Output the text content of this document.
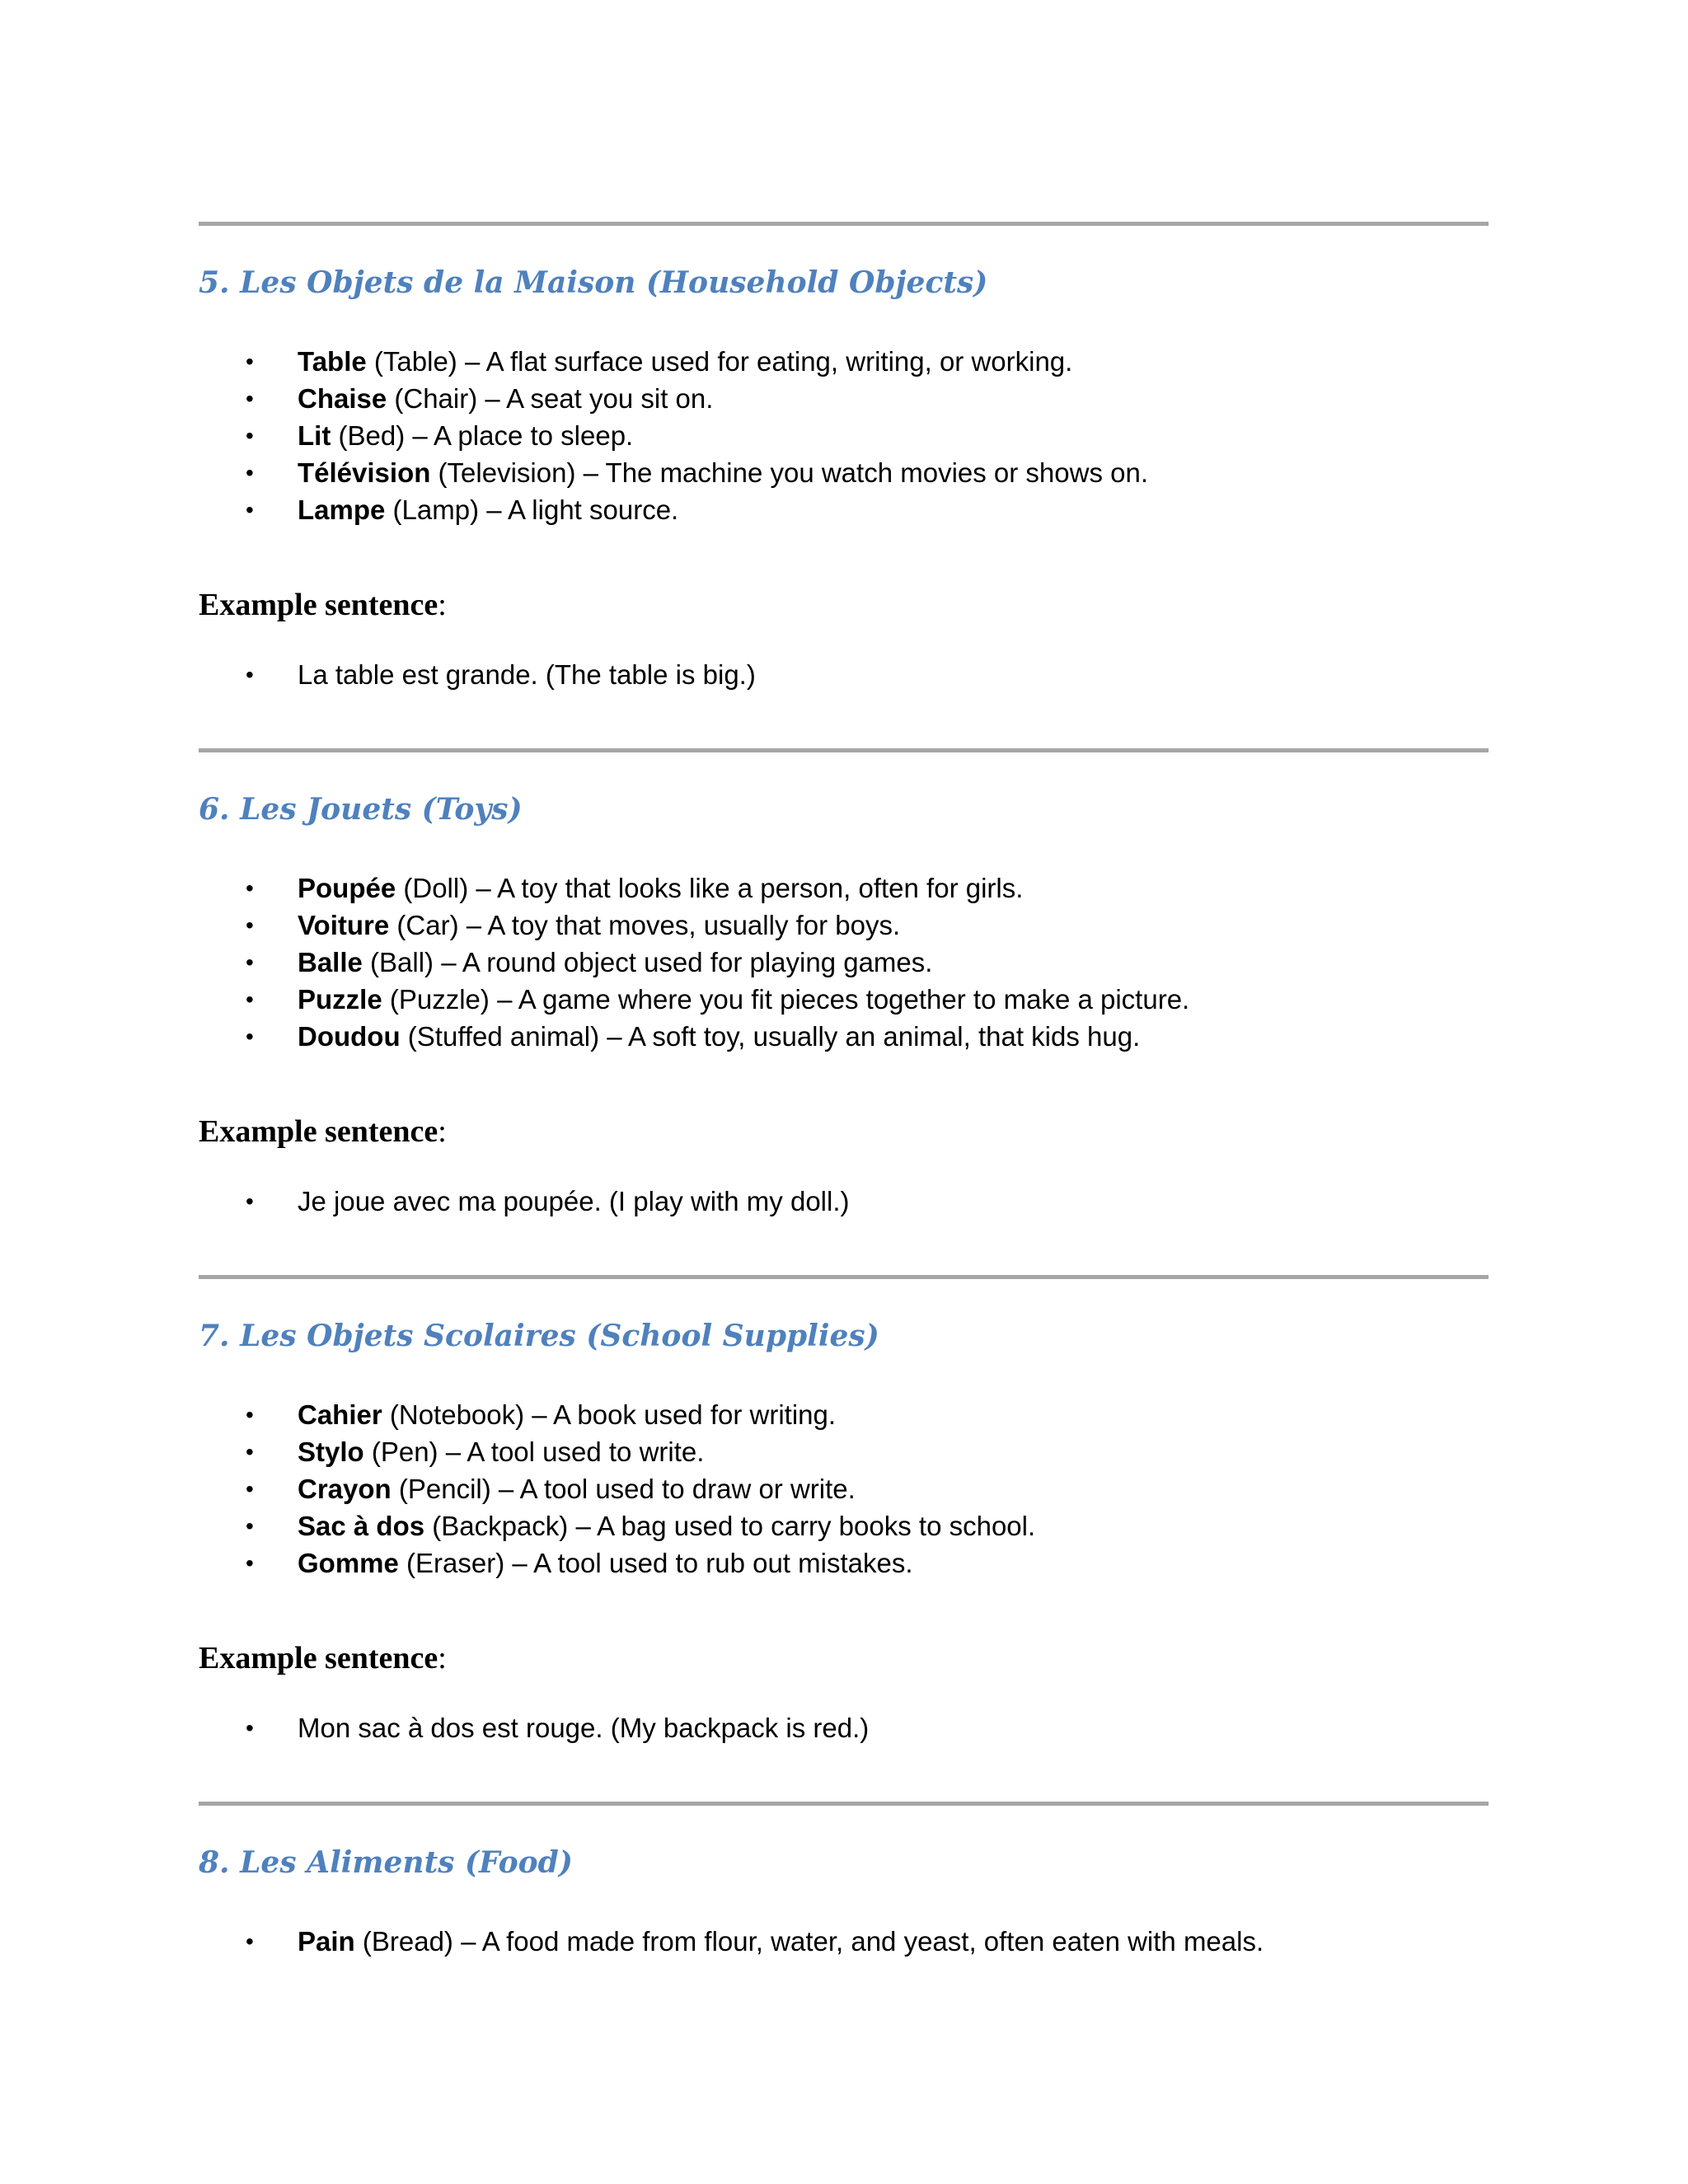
5. Les Objets de la Maison (Household Objects)
• Table (Table) – A flat surface used for eating, writing, or working.
• Chaise (Chair) – A seat you sit on.
• Lit (Bed) – A place to sleep.
• Télévision (Television) – The machine you watch movies or shows on.
• Lampe (Lamp) – A light source.

Example sentence:

• La table est grande. (The table is big.)
6. Les Jouets (Toys)
• Poupée (Doll) – A toy that looks like a person, often for girls.
• Voiture (Car) – A toy that moves, usually for boys.
• Balle (Ball) – A round object used for playing games.
• Puzzle (Puzzle) – A game where you fit pieces together to make a picture.
• Doudou (Stuffed animal) – A soft toy, usually an animal, that kids hug.

Example sentence:

• Je joue avec ma poupée. (I play with my doll.)
7. Les Objets Scolaires (School Supplies)
• Cahier (Notebook) – A book used for writing.
• Stylo (Pen) – A tool used to write.
• Crayon (Pencil) – A tool used to draw or write.
• Sac à dos (Backpack) – A bag used to carry books to school.
• Gomme (Eraser) – A tool used to rub out mistakes.

Example sentence:

• Mon sac à dos est rouge. (My backpack is red.)
8. Les Aliments (Food)
• Pain (Bread) – A food made from flour, water, and yeast, often eaten with meals.
